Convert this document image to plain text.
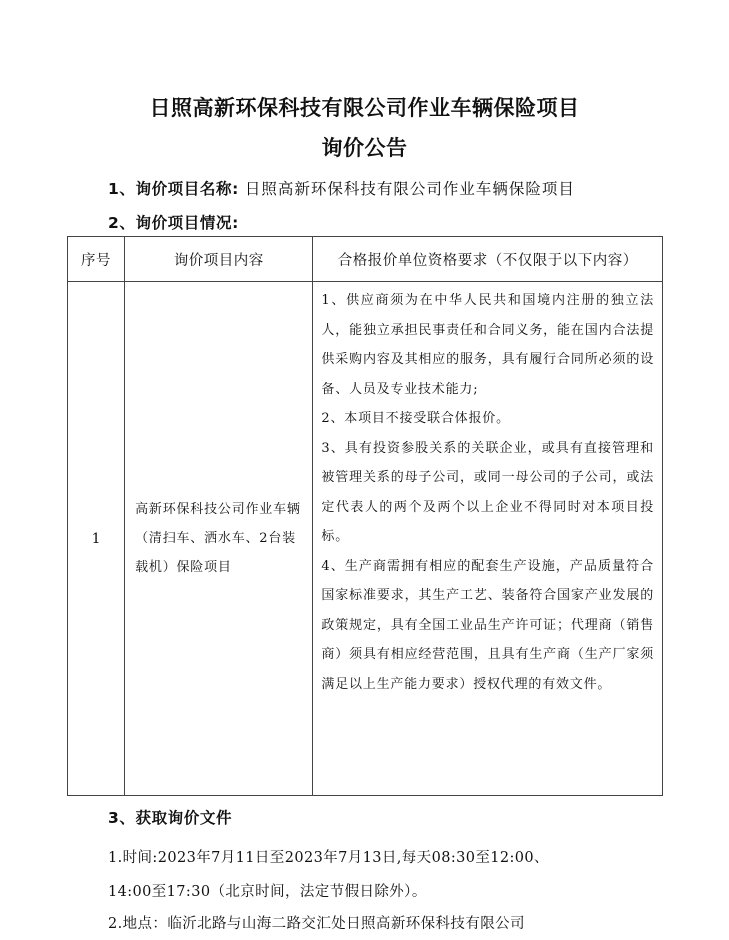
日照高新环保科技有限公司作业车辆保险项目
询价公告
1、询价项目名称: 日照高新环保科技有限公司作业车辆保险项目
2、询价项目情况:
序号	询价项目内容	合格报价单位资格要求（不仅限于以下内容）
1	高新环保科技公司作业车辆（清扫车、洒水车、2台装载机）保险项目	1、供应商须为在中华人民共和国境内注册的独立法人，能独立承担民事责任和合同义务，能在国内合法提供采购内容及其相应的服务，具有履行合同所必须的设备、人员及专业技术能力;

2、本项目不接受联合体报价。

3、具有投资参股关系的关联企业，或具有直接管理和被管理关系的母子公司，或同一母公司的子公司，或法定代表人的两个及两个以上企业不得同时对本项目投标。

4、生产商需拥有相应的配套生产设施，产品质量符合国家标准要求，其生产工艺、装备符合国家产业发展的政策规定，具有全国工业品生产许可证；代理商（销售商）须具有相应经营范围，且具有生产商（生产厂家须满足以上生产能力要求）授权代理的有效文件。

3、获取询价文件
1.时间:2023年7月11日至2023年7月13日,每天08:30至12:00、
14:00至17:30（北京时间，法定节假日除外）。
2.地点：临沂北路与山海二路交汇处日照高新环保科技有限公司
